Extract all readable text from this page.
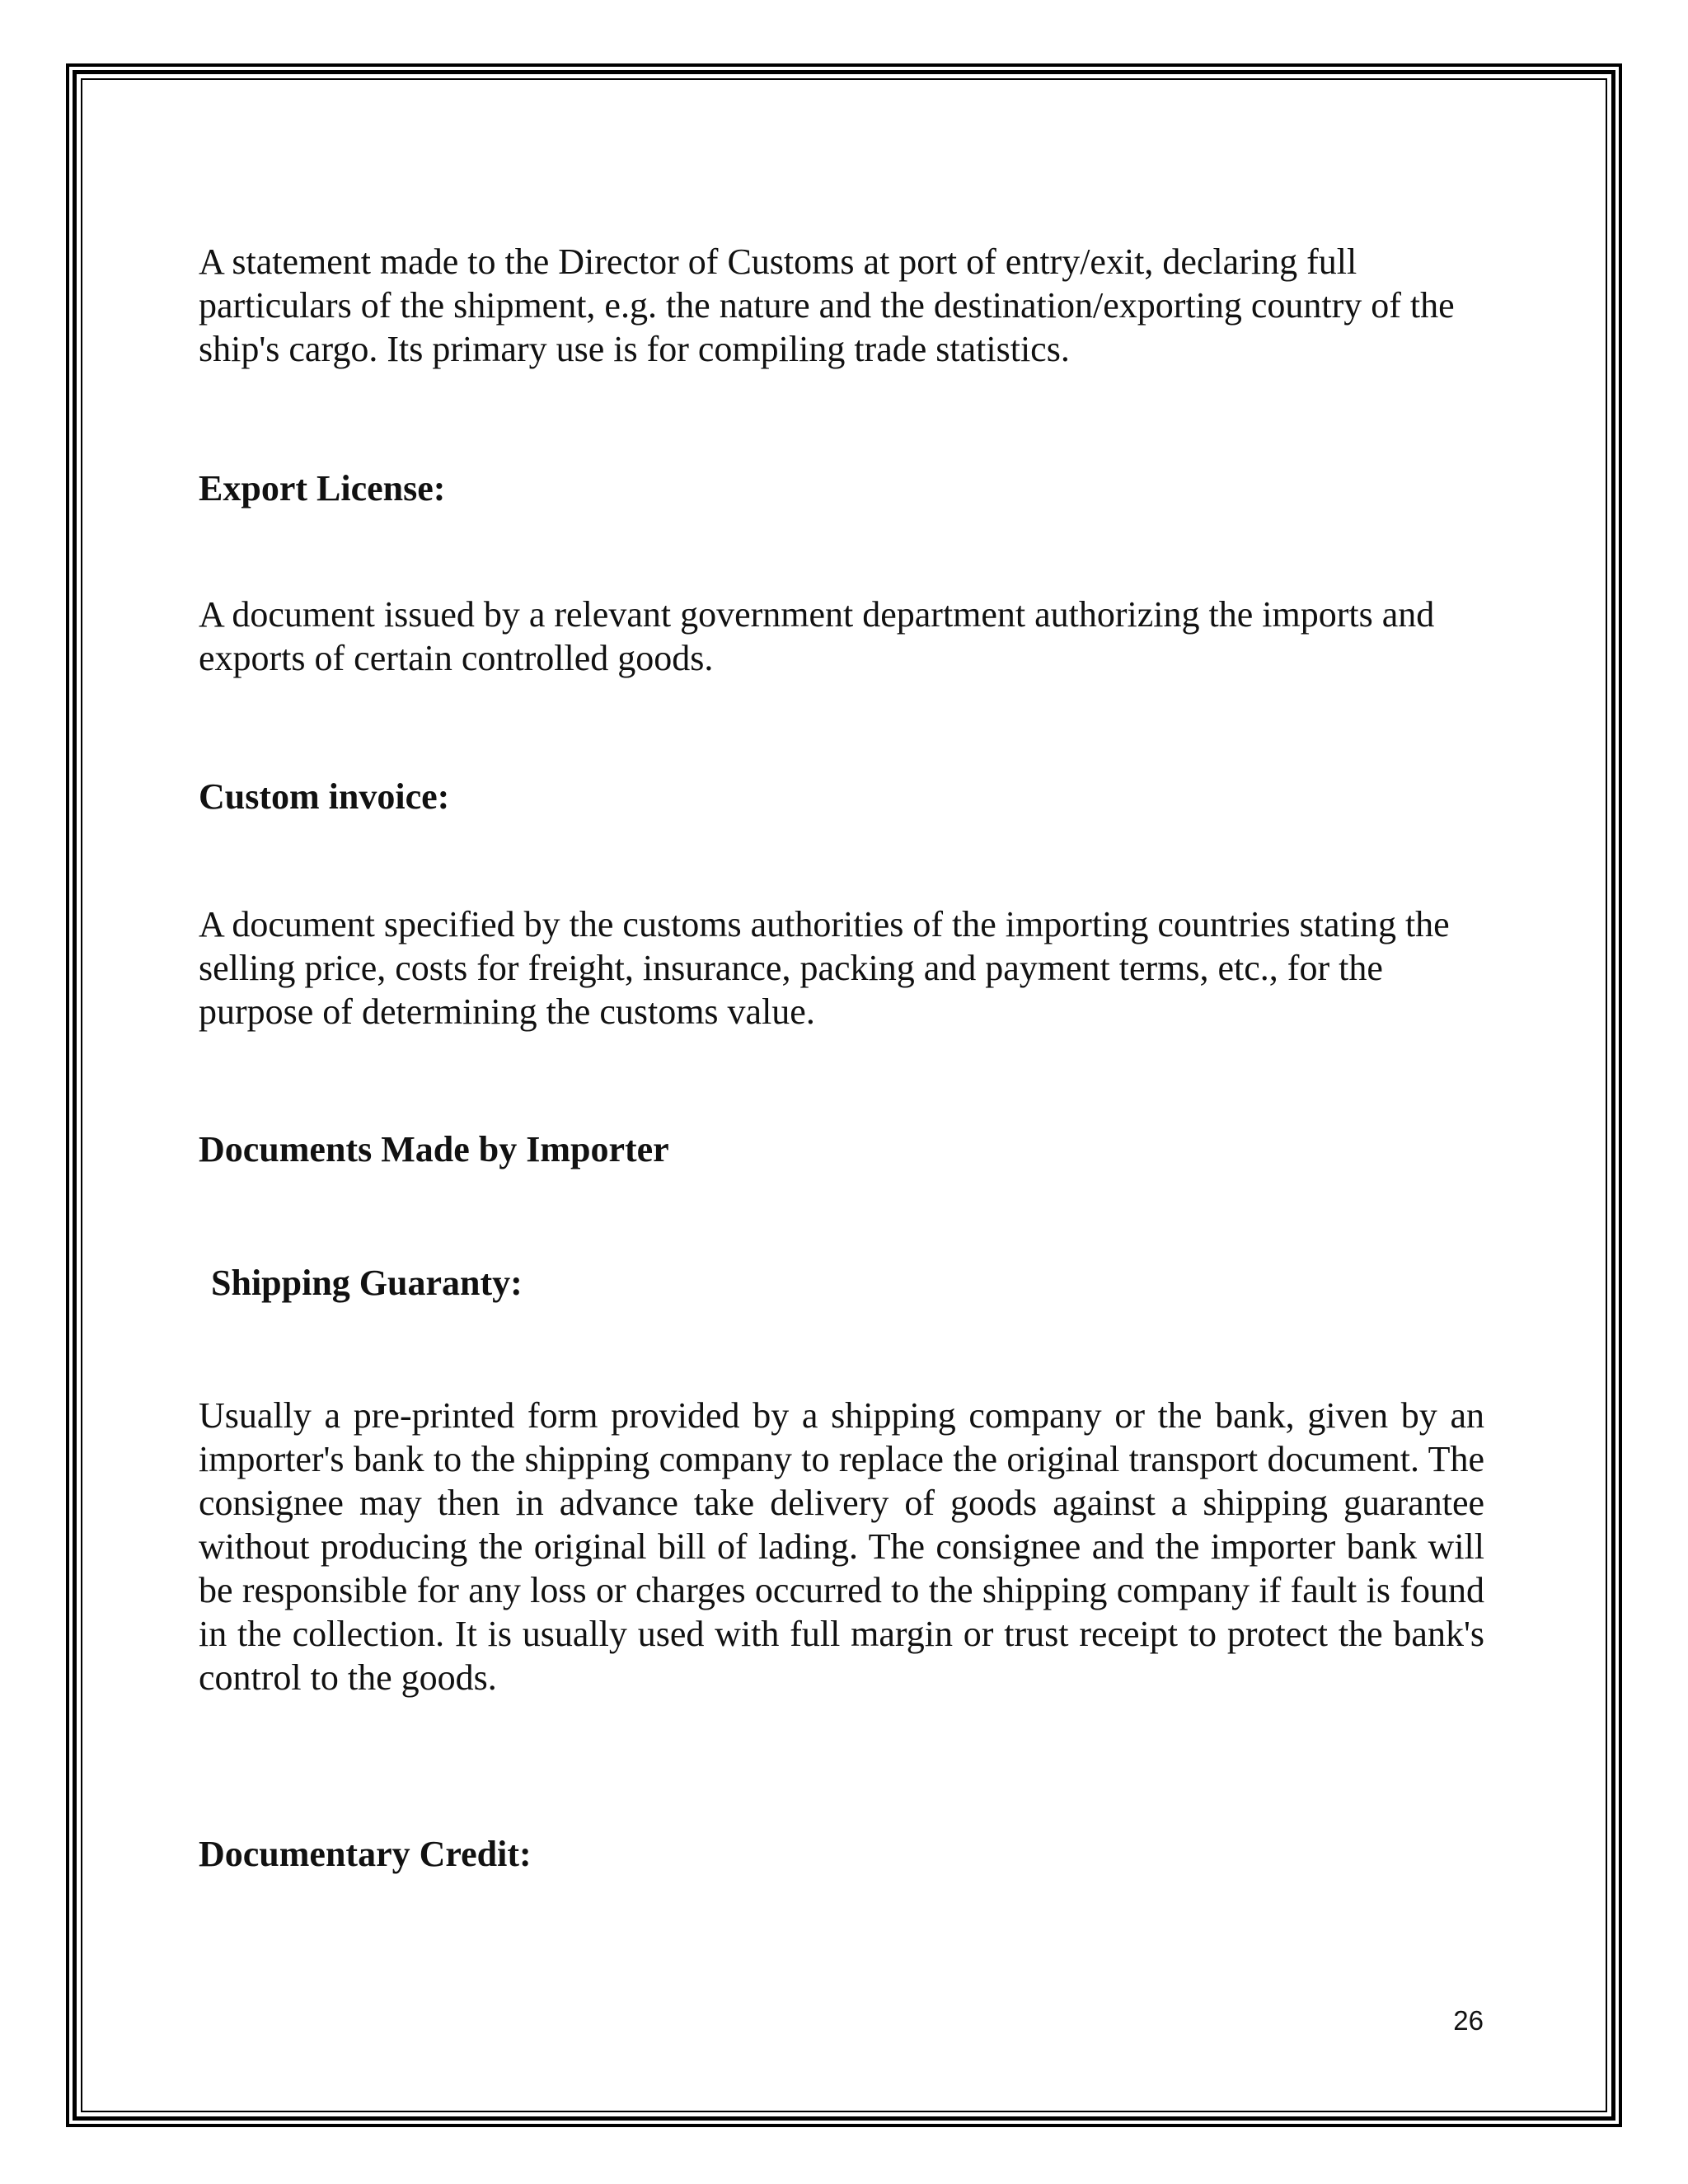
A statement made to the Director of Customs at port of entry/exit, declaring full particulars of the shipment, e.g. the nature and the destination/exporting country of the ship's cargo. Its primary use is for compiling trade statistics.

Export License:

A document issued by a relevant government department authorizing the imports and exports of certain controlled goods.

Custom invoice:

A document specified by the customs authorities of the importing countries stating the selling price, costs for freight, insurance, packing and payment terms, etc., for the purpose of determining the customs value.

Documents Made by Importer

Shipping Guaranty:

Usually a pre-printed form provided by a shipping company or the bank, given by an importer's bank to the shipping company to replace the original transport document. The consignee may then in advance take delivery of goods against a shipping guarantee without producing the original bill of lading. The consignee and the importer bank will be responsible for any loss or charges occurred to the shipping company if fault is found in the collection. It is usually used with full margin or trust receipt to protect the bank's control to the goods.

Documentary Credit:

26
